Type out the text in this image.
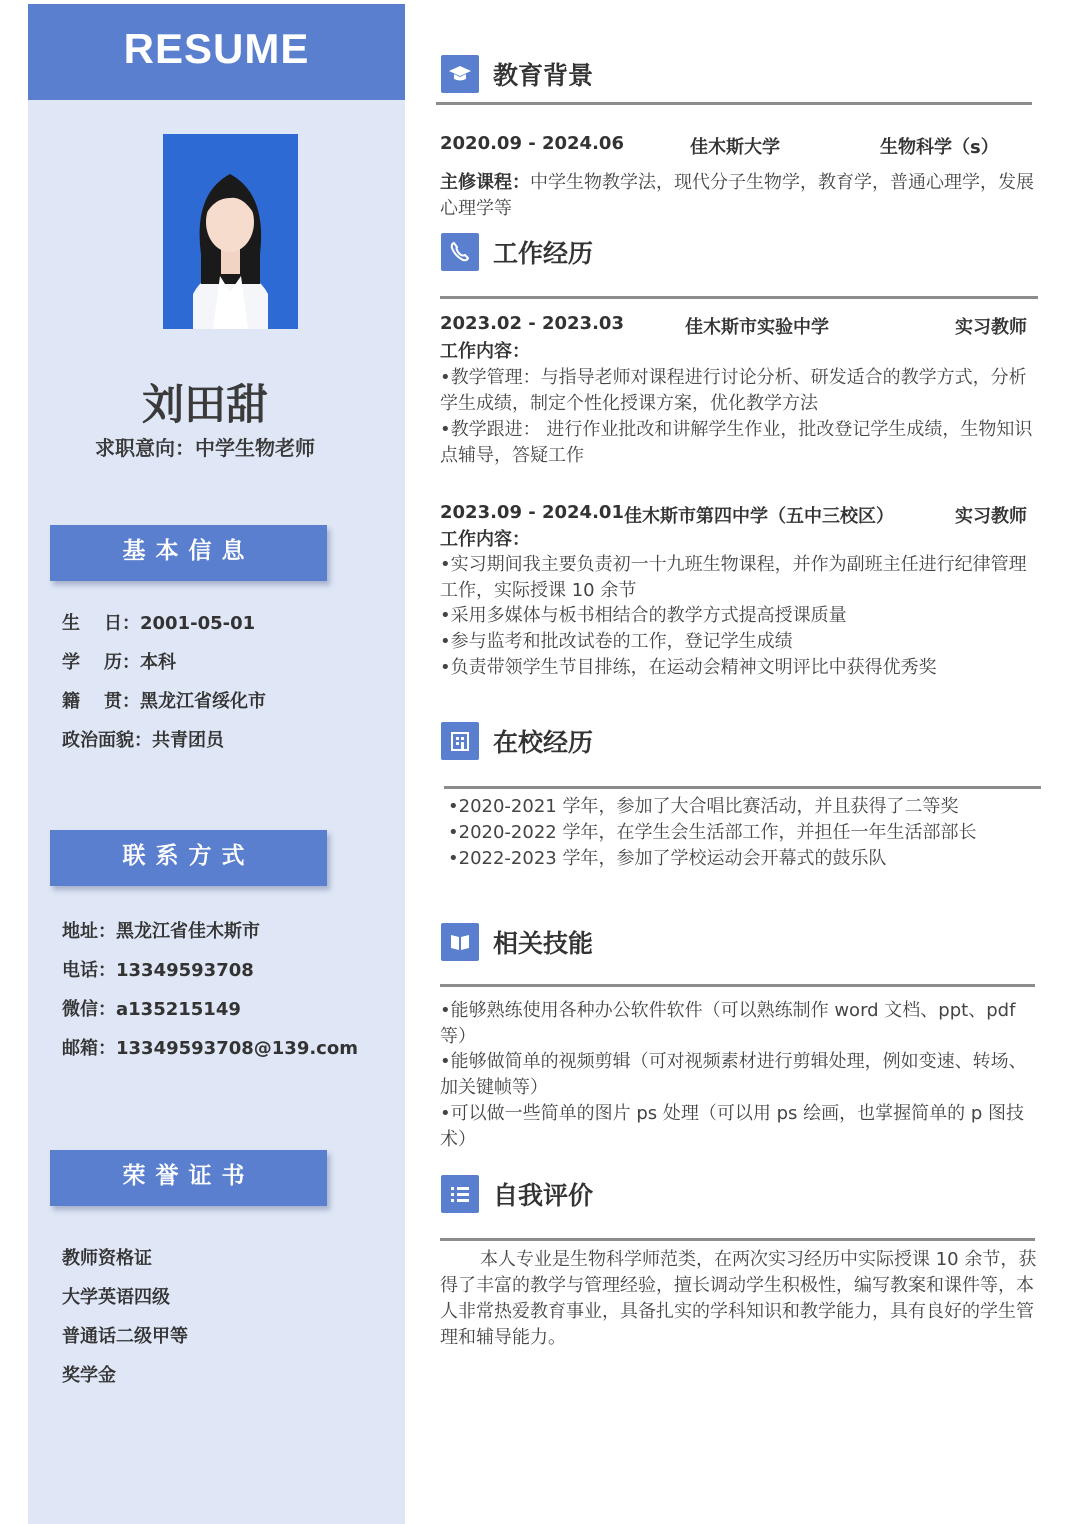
RESUME
刘田甜
求职意向：中学生物老师
基本信息
生 日 ：2001-05-01
学 历 ：本科
籍 贯 ：黑龙江省绥化市
政治面貌：共青团员
联系方式
地址：黑龙江省佳木斯市
电话：13349593708
微信：a135215149
邮箱：13349593708@139.com
荣誉证书
教师资格证
大学英语四级
普通话二级甲等
奖学金
教育背景
2020.09 - 2024.06	佳木斯大学	生物科学（s）
主修课程：中学生物教学法，现代分子生物学，教育学，普通心理学，发展心理学等
工作经历
2023.02 - 2023.03	佳木斯市实验中学	实习教师
工作内容：
•教学管理：与指导老师对课程进行讨论分析、研发适合的教学方式，分析学生成绩，制定个性化授课方案，优化教学方法
•教学跟进： 进行作业批改和讲解学生作业，批改登记学生成绩，生物知识点辅导，答疑工作
2023.09 - 2024.01 佳木斯市第四中学（五中三校区）	实习教师
工作内容：
•实习期间我主要负责初一十九班生物课程，并作为副班主任进行纪律管理工作，实际授课 10 余节
•采用多媒体与板书相结合的教学方式提高授课质量
•参与监考和批改试卷的工作，登记学生成绩
•负责带领学生节目排练，在运动会精神文明评比中获得优秀奖
在校经历
•2020-2021 学年，参加了大合唱比赛活动，并且获得了二等奖
•2020-2022 学年，在学生会生活部工作，并担任一年生活部部长
•2022-2023 学年，参加了学校运动会开幕式的鼓乐队
相关技能
•能够熟练使用各种办公软件软件（可以熟练制作 word 文档、ppt、pdf 等）
•能够做简单的视频剪辑（可对视频素材进行剪辑处理，例如变速、转场、加关键帧等）
•可以做一些简单的图片 ps 处理（可以用 ps 绘画，也掌握简单的 p 图技术）
自我评价
本人专业是生物科学师范类，在两次实习经历中实际授课 10 余节，获得了丰富的教学与管理经验，擅长调动学生积极性，编写教案和课件等，本人非常热爱教育事业，具备扎实的学科知识和教学能力，具有良好的学生管理和辅导能力。
